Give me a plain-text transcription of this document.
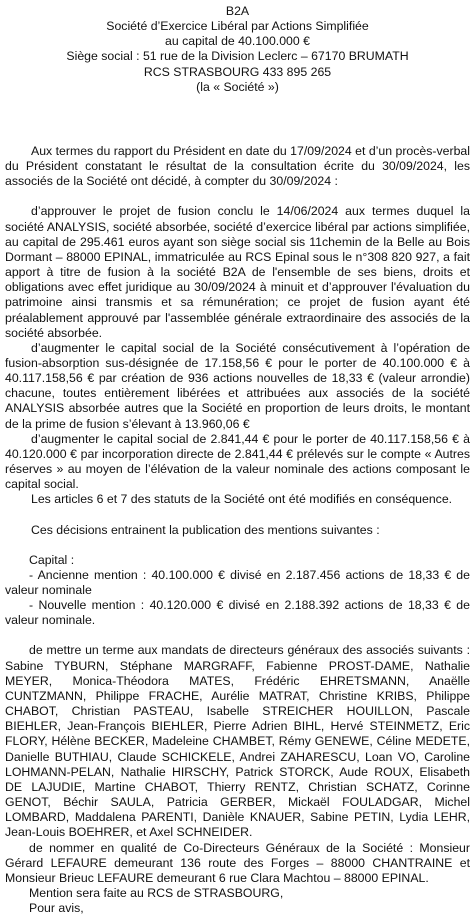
B2A
Société d’Exercice Libéral par Actions Simplifiée
au capital de 40.100.000 €
Siège social : 51 rue de la Division Leclerc – 67170 BRUMATH
RCS STRASBOURG 433 895 265
(la « Société »)
Aux termes du rapport du Président en date du 17/09/2024 et d’un procès-verbal du Président constatant le résultat de la consultation écrite du 30/09/2024, les associés de la Société ont décidé, à compter du 30/09/2024 :
d’approuver le projet de fusion conclu le 14/06/2024 aux termes duquel la société ANALYSIS, société absorbée, société d’exercice libéral par actions simplifiée, au capital de 295.461 euros ayant son siège social sis 11chemin de la Belle au Bois Dormant – 88000 EPINAL, immatriculée au RCS Epinal sous le n°308 820 927, a fait apport à titre de fusion à la société B2A de l'ensemble de ses biens, droits et obligations avec effet juridique au 30/09/2024 à minuit et d’approuver l'évaluation du patrimoine ainsi transmis et sa rémunération; ce projet de fusion ayant été préalablement approuvé par l'assemblée générale extraordinaire des associés de la société absorbée.
d’augmenter le capital social de la Société consécutivement à l’opération de fusion-absorption sus-désignée de 17.158,56 € pour le porter de 40.100.000 € à 40.117.158,56 € par création de 936 actions nouvelles de 18,33 € (valeur arrondie) chacune, toutes entièrement libérées et attribuées aux associés de la société ANALYSIS absorbée autres que la Société en proportion de leurs droits, le montant de la prime de fusion s’élevant à 13.960,06 €
d’augmenter le capital social de 2.841,44 € pour le porter de 40.117.158,56 € à 40.120.000 € par incorporation directe de 2.841,44 € prélevés sur le compte « Autres réserves » au moyen de l’élévation de la valeur nominale des actions composant le capital social.
Les articles 6 et 7 des statuts de la Société ont été modifiés en conséquence.
Ces décisions entrainent la publication des mentions suivantes :
Capital :
- Ancienne mention : 40.100.000 € divisé en 2.187.456 actions de 18,33 € de valeur nominale
- Nouvelle mention : 40.120.000 € divisé en 2.188.392 actions de 18,33 € de valeur nominale.
de mettre un terme aux mandats de directeurs généraux des associés suivants : Sabine TYBURN, Stéphane MARGRAFF, Fabienne PROST-DAME, Nathalie MEYER, Monica-Théodora MATES, Frédéric EHRETSMANN, Anaëlle CUNTZMANN, Philippe FRACHE, Aurélie MATRAT, Christine KRIBS, Philippe CHABOT, Christian PASTEAU, Isabelle STREICHER HOUILLON, Pascale BIEHLER, Jean-François BIEHLER, Pierre Adrien BIHL, Hervé STEINMETZ, Eric FLORY, Hélène BECKER, Madeleine CHAMBET, Rémy GENEWE, Céline MEDETE, Danielle BUTHIAU, Claude SCHICKELE, Andrei ZAHARESCU, Loan VO, Caroline LOHMANN-PELAN, Nathalie HIRSCHY, Patrick STORCK, Aude ROUX, Elisabeth DE LAJUDIE, Martine CHABOT, Thierry RENTZ, Christian SCHATZ, Corinne GENOT, Béchir SAULA, Patricia GERBER, Mickaël FOULADGAR, Michel LOMBARD, Maddalena PARENTI, Danièle KNAUER, Sabine PETIN, Lydia LEHR, Jean-Louis BOEHRER, et Axel SCHNEIDER.
de nommer en qualité de Co-Directeurs Généraux de la Société : Monsieur Gérard LEFAURE demeurant 136 route des Forges – 88000 CHANTRAINE et Monsieur Brieuc LEFAURE demeurant 6 rue Clara Machtou – 88000 EPINAL.
Mention sera faite au RCS de STRASBOURG,
Pour avis,
